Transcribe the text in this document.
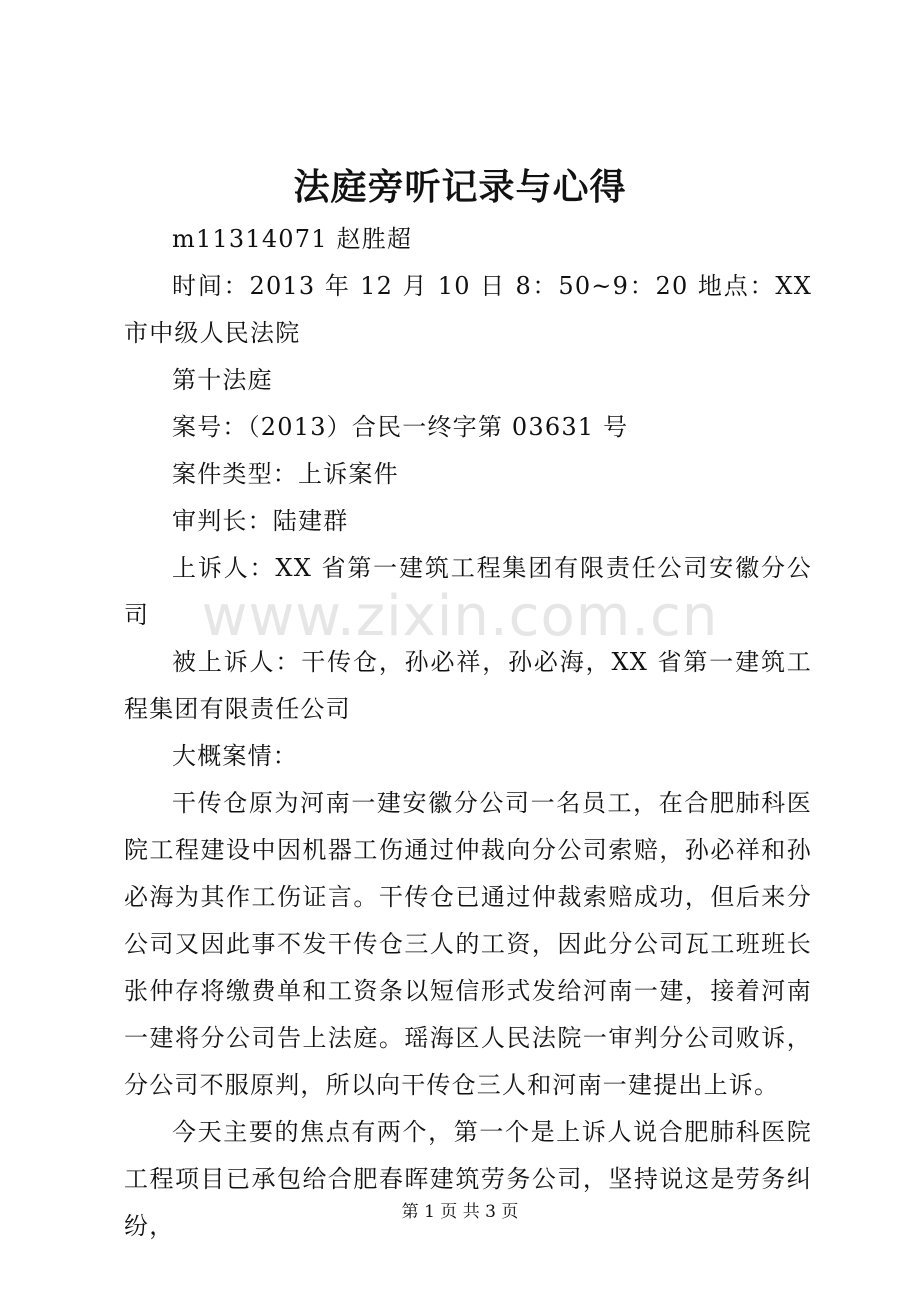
www.zixin.com.cn
法庭旁听记录与心得

m11314071 赵胜超

时间：2013 年 12 月 10 日 8：50~9：20 地点：XX 市中级人民法院

第十法庭

案号：（2013）合民一终字第 03631 号

案件类型：上诉案件

审判长：陆建群

上诉人：XX 省第一建筑工程集团有限责任公司安徽分公司

被上诉人：干传仓，孙必祥，孙必海，XX 省第一建筑工程集团有限责任公司

大概案情：

干传仓原为河南一建安徽分公司一名员工，在合肥肺科医院工程建设中因机器工伤通过仲裁向分公司索赔，孙必祥和孙必海为其作工伤证言。干传仓已通过仲裁索赔成功，但后来分公司又因此事不发干传仓三人的工资，因此分公司瓦工班班长张仲存将缴费单和工资条以短信形式发给河南一建，接着河南一建将分公司告上法庭。瑶海区人民法院一审判分公司败诉，分公司不服原判，所以向干传仓三人和河南一建提出上诉。

今天主要的焦点有两个，第一个是上诉人说合肥肺科医院工程项目已承包给合肥春晖建筑劳务公司，坚持说这是劳务纠纷，	第 1 页 共 3 页
